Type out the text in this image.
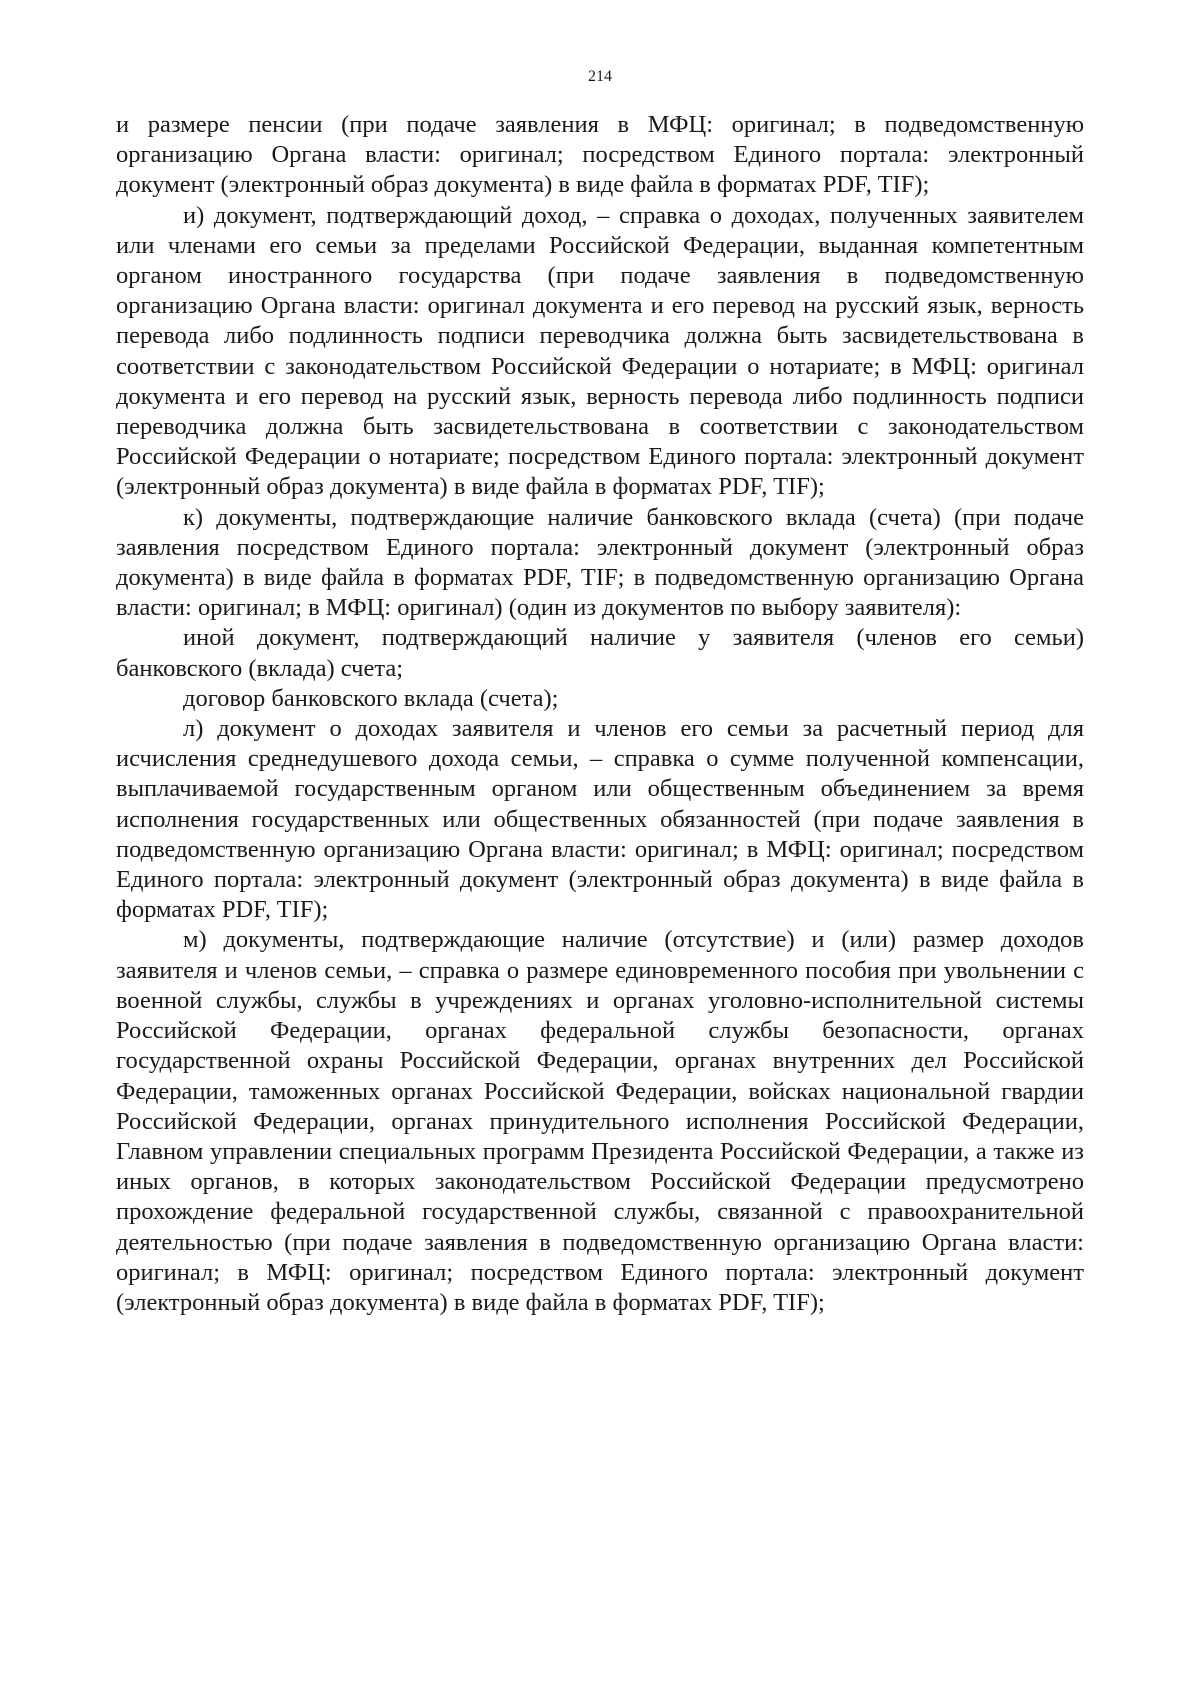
214

и размере пенсии (при подаче заявления в МФЦ: оригинал; в подведомственную организацию Органа власти: оригинал; посредством Единого портала: электронный документ (электронный образ документа) в виде файла в форматах PDF, TIF);

и) документ, подтверждающий доход, – справка о доходах, полученных заявителем или членами его семьи за пределами Российской Федерации, выданная компетентным органом иностранного государства (при подаче заявления в подведомственную организацию Органа власти: оригинал документа и его перевод на русский язык, верность перевода либо подлинность подписи переводчика должна быть засвидетельствована в соответствии с законодательством Российской Федерации о нотариате; в МФЦ: оригинал документа и его перевод на русский язык, верность перевода либо подлинность подписи переводчика должна быть засвидетельствована в соответствии с законодательством Российской Федерации о нотариате; посредством Единого портала: электронный документ (электронный образ документа) в виде файла в форматах PDF, TIF);

к) документы, подтверждающие наличие банковского вклада (счета) (при подаче заявления посредством Единого портала: электронный документ (электронный образ документа) в виде файла в форматах PDF, TIF; в подведомственную организацию Органа власти: оригинал; в МФЦ: оригинал) (один из документов по выбору заявителя):

иной документ, подтверждающий наличие у заявителя (членов его семьи) банковского (вклада) счета;

договор банковского вклада (счета);

л) документ о доходах заявителя и членов его семьи за расчетный период для исчисления среднедушевого дохода семьи, – справка о сумме полученной компенсации, выплачиваемой государственным органом или общественным объединением за время исполнения государственных или общественных обязанностей (при подаче заявления в подведомственную организацию Органа власти: оригинал; в МФЦ: оригинал; посредством Единого портала: электронный документ (электронный образ документа) в виде файла в форматах PDF, TIF);

м) документы, подтверждающие наличие (отсутствие) и (или) размер доходов заявителя и членов семьи, – справка о размере единовременного пособия при увольнении с военной службы, службы в учреждениях и органах уголовно-исполнительной системы Российской Федерации, органах федеральной службы безопасности, органах государственной охраны Российской Федерации, органах внутренних дел Российской Федерации, таможенных органах Российской Федерации, войсках национальной гвардии Российской Федерации, органах принудительного исполнения Российской Федерации, Главном управлении специальных программ Президента Российской Федерации, а также из иных органов, в которых законодательством Российской Федерации предусмотрено прохождение федеральной государственной службы, связанной с правоохранительной деятельностью (при подаче заявления в подведомственную организацию Органа власти: оригинал; в МФЦ: оригинал; посредством Единого портала: электронный документ (электронный образ документа) в виде файла в форматах PDF, TIF);
